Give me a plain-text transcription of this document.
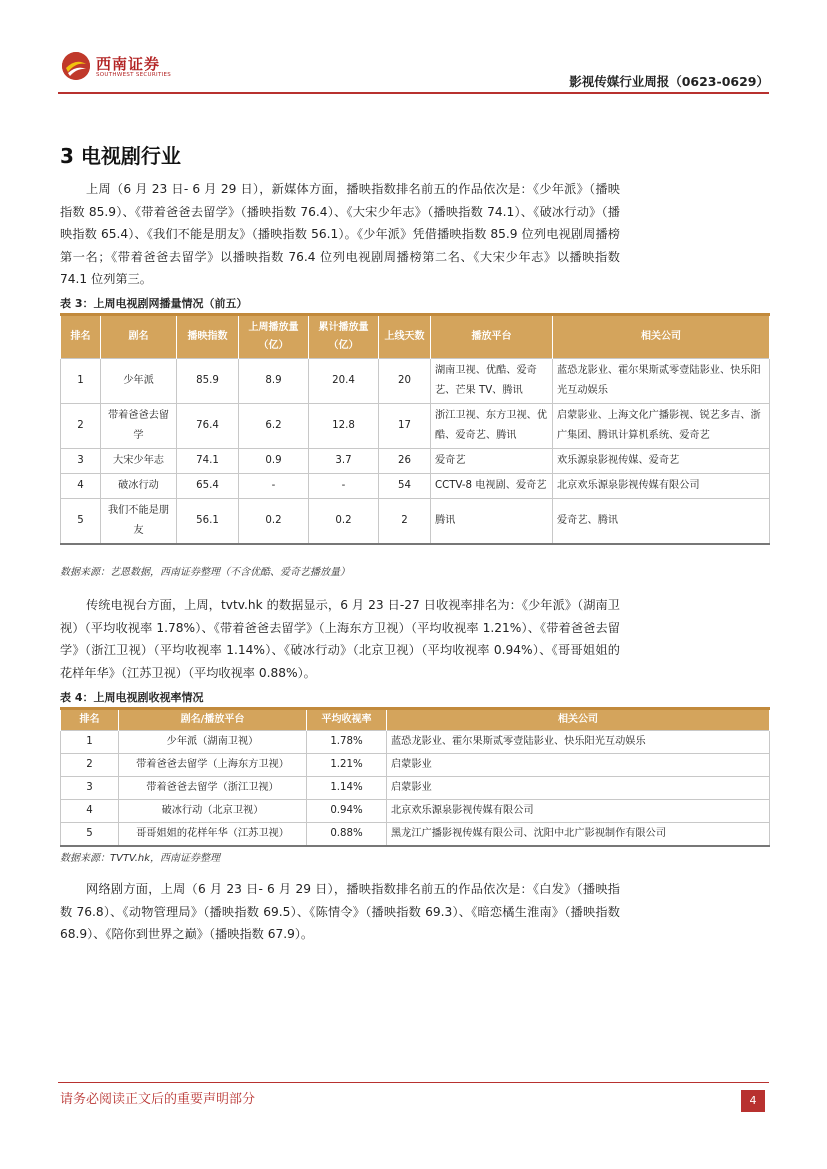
西南证券
SOUTHWEST SECURITIES	影视传媒行业周报（0623-0629）
3 电视剧行业

上周（6 月 23 日- 6 月 29 日），新媒体方面，播映指数排名前五的作品依次是：《少年派》（播映指数 85.9）、《带着爸爸去留学》（播映指数 76.4）、《大宋少年志》（播映指数 74.1）、《破冰行动》（播映指数 65.4）、《我们不能是朋友》（播映指数 56.1）。《少年派》凭借播映指数 85.9 位列电视剧周播榜第一名；《带着爸爸去留学》以播映指数 76.4 位列电视剧周播榜第二名、《大宋少年志》以播映指数 74.1 位列第三。

表 3：上周电视剧网播量情况（前五）
排名	剧名	播映指数	上周播放量（亿）	累计播放量（亿）	上线天数	播放平台	相关公司
1	少年派	85.9	8.9	20.4	20	湖南卫视、优酷、爱奇艺、芒果 TV、腾讯	蓝恐龙影业、霍尔果斯贰零壹陆影业、快乐阳光互动娱乐
2	带着爸爸去留学	76.4	6.2	12.8	17	浙江卫视、东方卫视、优酷、爱奇艺、腾讯	启蒙影业、上海文化广播影视、锐艺多吉、浙广集团、腾讯计算机系统、爱奇艺
3	大宋少年志	74.1	0.9	3.7	26	爱奇艺	欢乐源泉影视传媒、爱奇艺
4	破冰行动	65.4	-	-	54	CCTV-8 电视剧、爱奇艺	北京欢乐源泉影视传媒有限公司
5	我们不能是朋友	56.1	0.2	0.2	2	腾讯	爱奇艺、腾讯
数据来源：艺恩数据，西南证券整理（不含优酷、爱奇艺播放量）

传统电视台方面，上周，tvtv.hk 的数据显示，6 月 23 日-27 日收视率排名为：《少年派》（湖南卫视）（平均收视率 1.78%）、《带着爸爸去留学》（上海东方卫视）（平均收视率 1.21%）、《带着爸爸去留学》（浙江卫视）（平均收视率 1.14%）、《破冰行动》（北京卫视）（平均收视率 0.94%）、《哥哥姐姐的花样年华》（江苏卫视）（平均收视率 0.88%）。

表 4：上周电视剧收视率情况
排名	剧名/播放平台	平均收视率	相关公司
1	少年派（湖南卫视）	1.78%	蓝恐龙影业、霍尔果斯贰零壹陆影业、快乐阳光互动娱乐
2	带着爸爸去留学（上海东方卫视）	1.21%	启蒙影业
3	带着爸爸去留学（浙江卫视）	1.14%	启蒙影业
4	破冰行动（北京卫视）	0.94%	北京欢乐源泉影视传媒有限公司
5	哥哥姐姐的花样年华（江苏卫视）	0.88%	黑龙江广播影视传媒有限公司、沈阳中北广影视制作有限公司
数据来源：TVTV.hk，西南证券整理

网络剧方面，上周（6 月 23 日- 6 月 29 日），播映指数排名前五的作品依次是：《白发》（播映指数 76.8）、《动物管理局》（播映指数 69.5）、《陈情令》（播映指数 69.3）、《暗恋橘生淮南》（播映指数 68.9）、《陪你到世界之巅》（播映指数 67.9）。

请务必阅读正文后的重要声明部分	4
